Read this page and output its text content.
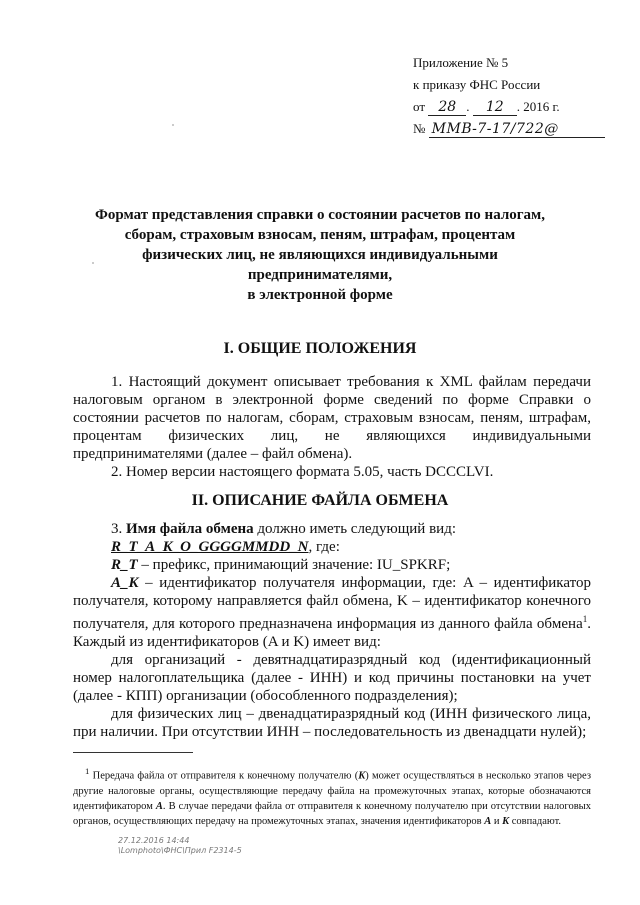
Приложение № 5
к приказу ФНС России
от 28 . 12 . 2016 г.
№ ММВ-7-17/722@
Формат представления справки о состоянии расчетов по налогам,
сборам, страховым взносам, пеням, штрафам, процентам
физических лиц, не являющихся индивидуальными
предпринимателями,
в электронной форме
I. ОБЩИЕ ПОЛОЖЕНИЯ

1. Настоящий документ описывает требования к XML файлам передачи налоговым органом в электронной форме сведений по форме Справки о состоянии расчетов по налогам, сборам, страховым взносам, пеням, штрафам, процентам физических лиц, не являющихся индивидуальными предпринимателями (далее – файл обмена).

2. Номер версии настоящего формата 5.05, часть DCCCLVI.

II. ОПИСАНИЕ ФАЙЛА ОБМЕНА

3. Имя файла обмена должно иметь следующий вид:

R_T_A_K_O_GGGGMMDD_N, где:

R_T – префикс, принимающий значение: IU_SPKRF;

A_K – идентификатор получателя информации, где: A – идентификатор получателя, которому направляется файл обмена, K – идентификатор конечного получателя, для которого предназначена информация из данного файла обмена$^1$. Каждый из идентификаторов (A и K) имеет вид:

для организаций - девятнадцатиразрядный код (идентификационный номер налогоплательщика (далее - ИНН) и код причины постановки на учет (далее - КПП) организации (обособленного подразделения);

для физических лиц – двенадцатиразрядный код (ИНН физического лица, при наличии. При отсутствии ИНН – последовательность из двенадцати нулей);

$^1$ Передача файла от отправителя к конечному получателю (K) может осуществляться в несколько этапов через другие налоговые органы, осуществляющие передачу файла на промежуточных этапах, которые обозначаются идентификатором A. В случае передачи файла от отправителя к конечному получателю при отсутствии налоговых органов, осуществляющих передачу на промежуточных этапах, значения идентификаторов A и K совпадают.

27.12.2016 14:44
\Lomphoto\ФНС\Прил F2314-5
